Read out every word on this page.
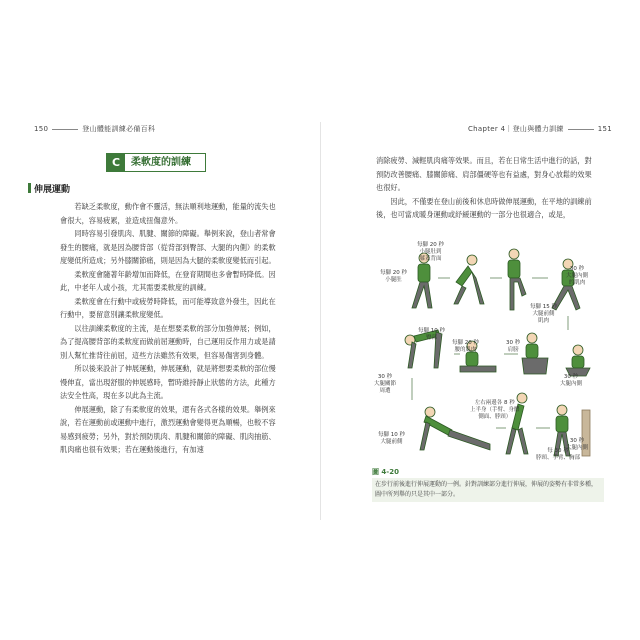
150	登山體能訓練必備百科	Chapter 4｜登山與體力訓練	151
C	柔軟度的訓練
伸展運動

若缺乏柔軟度，動作會不靈活，無法順利地運動，能量的流失也會很大，容易疲累，並造成扭傷意外。

同時容易引發肌肉、肌腱、關節的障礙。舉例來說，登山者常會發生的腰痛，就是因為腰背部（從背部到臀部、大腿的內側）的柔軟度變低所造成；另外膝關節痛，則是因為大腿的柔軟度變低而引起。

柔軟度會隨著年齡增加而降低，在登育期間也多會暫時降低。因此，中老年人或小孩，尤其需要柔軟度的訓練。

柔軟度會在行動中或疲勞時降低，而可能導致意外發生，因此在行動中，要留意別讓柔軟度變低。

以往訓練柔軟度的主流，是在想要柔軟的部分加強伸展；例如，為了提高腰背部的柔軟度而做前屈運動時，自己運用反作用力或是請別人幫忙推背往前屈，這些方法雖然有效果，但容易傷害到身體。

所以後來設計了伸展運動，伸展運動，就是將想要柔軟的部位慢慢伸直，當出現舒服的伸展感時，暫時維持靜止狀態的方法，此種方法安全性高，現在多以此為主流。

伸展運動，除了有柔軟度的效果，還有各式各樣的效果。舉例來說，若在運動前或運動中進行，激烈運動會變得更為順暢，也較不容易感到疲勞；另外，對於預防肌肉、肌腱和關節的障礙、肌肉抽筋、肌肉痛也很有效果；若在運動後進行，有加速

消除疲勞、減輕肌肉痛等效果。而且，若在日常生活中進行的話，對預防改善腰痛、膝關節痛、肩部僵硬等也有益處，對身心放鬆的效果也很好。

因此，不僅要在登山前後和休息時做伸展運動，在平地的訓練前後，也可當成暖身運動或紓緩運動的一部分也很適合，或是，

每腳 20 秒
小腿肚到
膝蓋背面
每腳 20 秒
小腿肚
30 秒
大腿內側
的肌肉
每腳 15 秒
大腿前側
肌肉
每腳 10 秒
臀部
每腳 20 秒
腰的肌肉
30 秒
肩膀
30 秒
大腿關節
周遭
30 秒
大腿內側
左右兩邊各 8 秒
上半身（手臂、身體
側面、脖頸）
每腳 10 秒
大腿前側
每 30 秒
脖頸、手臂、胸部
30 秒
大腿內側
圖 4-20
在步行前後進行伸展運動的一例。針對訓練部分進行伸展，伸展的姿勢有非常多種，圖中所列舉的只是其中一部分。
